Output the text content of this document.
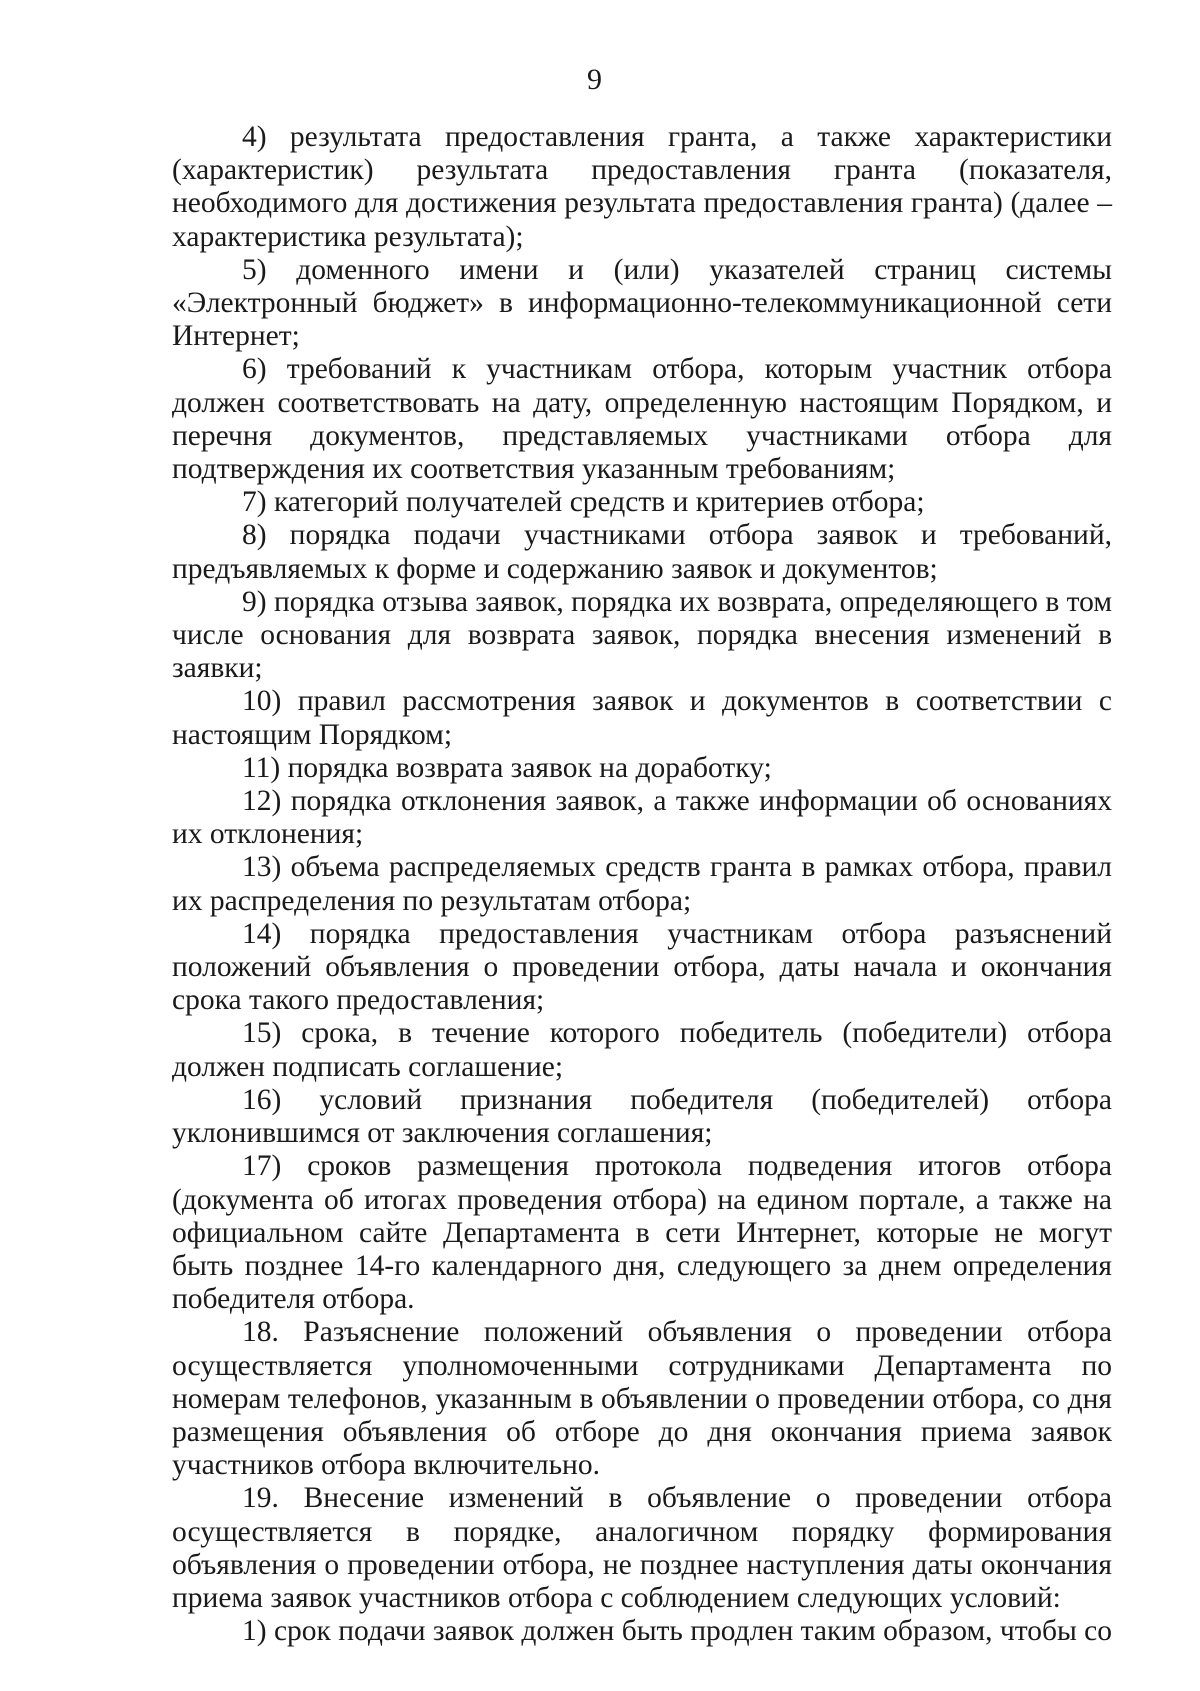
9

4) результата предоставления гранта, а также характеристики (характеристик) результата предоставления гранта (показателя, необходимого для достижения результата предоставления гранта) (далее – характеристика результата);

5) доменного имени и (или) указателей страниц системы «Электронный бюджет» в информационно-телекоммуникационной сети Интернет;

6) требований к участникам отбора, которым участник отбора должен соответствовать на дату, определенную настоящим Порядком, и перечня документов, представляемых участниками отбора для подтверждения их соответствия указанным требованиям;

7) категорий получателей средств и критериев отбора;

8) порядка подачи участниками отбора заявок и требований, предъявляемых к форме и содержанию заявок и документов;

9) порядка отзыва заявок, порядка их возврата, определяющего в том числе основания для возврата заявок, порядка внесения изменений в заявки;

10) правил рассмотрения заявок и документов в соответствии с настоящим Порядком;

11) порядка возврата заявок на доработку;

12) порядка отклонения заявок, а также информации об основаниях их отклонения;

13) объема распределяемых средств гранта в рамках отбора, правил их распределения по результатам отбора;

14) порядка предоставления участникам отбора разъяснений положений объявления о проведении отбора, даты начала и окончания срока такого предоставления;

15) срока, в течение которого победитель (победители) отбора должен подписать соглашение;

16) условий признания победителя (победителей) отбора уклонившимся от заключения соглашения;

17) сроков размещения протокола подведения итогов отбора (документа об итогах проведения отбора) на едином портале, а также на официальном сайте Департамента в сети Интернет, которые не могут быть позднее 14-го календарного дня, следующего за днем определения победителя отбора.

18. Разъяснение положений объявления о проведении отбора осуществляется уполномоченными сотрудниками Департамента по номерам телефонов, указанным в объявлении о проведении отбора, со дня размещения объявления об отборе до дня окончания приема заявок участников отбора включительно.

19. Внесение изменений в объявление о проведении отбора осуществляется в порядке, аналогичном порядку формирования объявления о проведении отбора, не позднее наступления даты окончания приема заявок участников отбора с соблюдением следующих условий:

1) срок подачи заявок должен быть продлен таким образом, чтобы со
